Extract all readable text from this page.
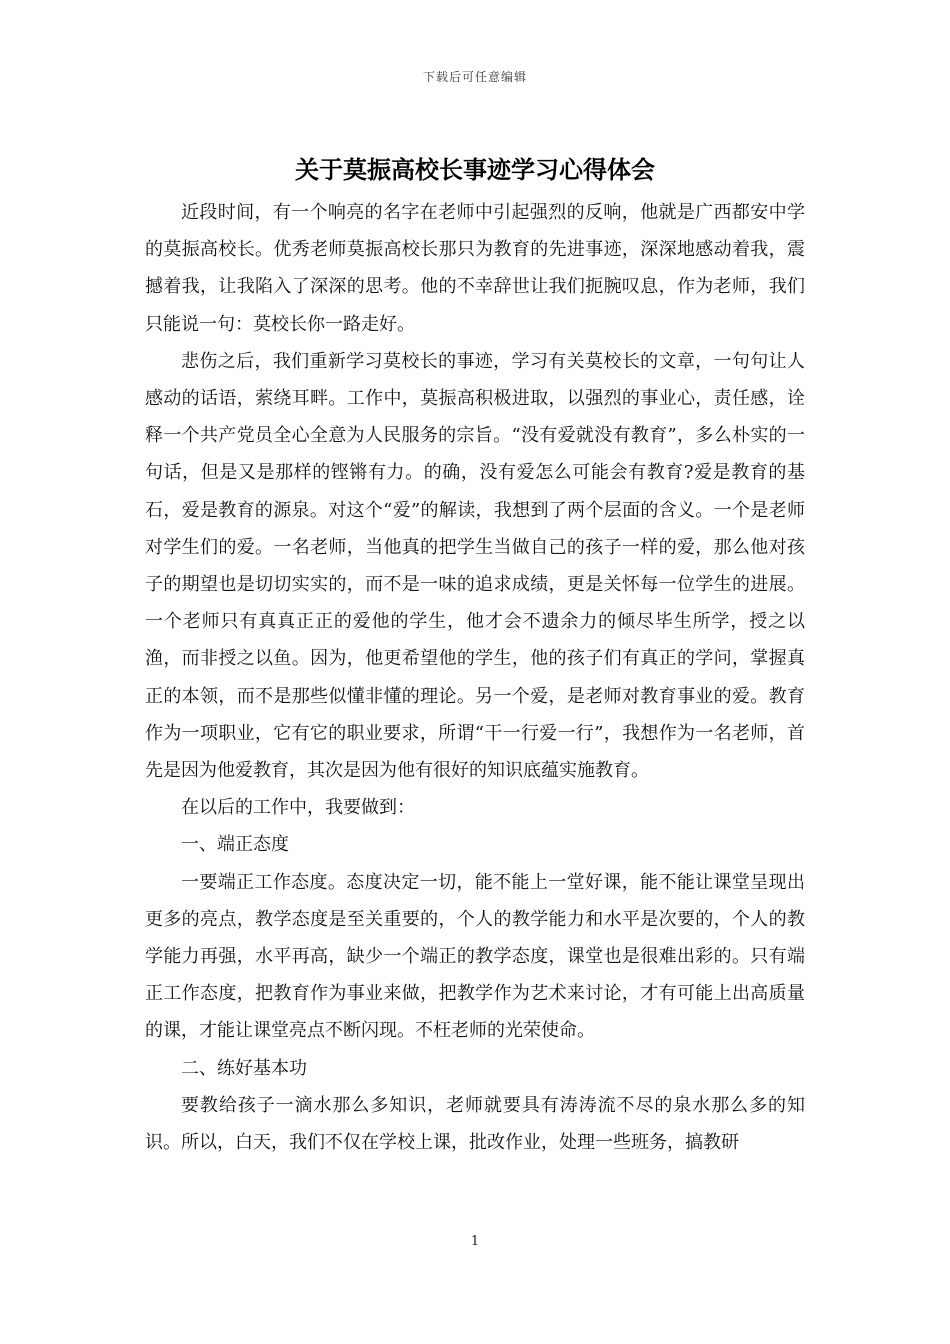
下载后可任意编辑
关于莫振高校长事迹学习心得体会

近段时间，有一个响亮的名字在老师中引起强烈的反响，他就是广西都安中学的莫振高校长。优秀老师莫振高校长那只为教育的先进事迹，深深地感动着我，震撼着我，让我陷入了深深的思考。他的不幸辞世让我们扼腕叹息，作为老师，我们只能说一句：莫校长你一路走好。

悲伤之后，我们重新学习莫校长的事迹，学习有关莫校长的文章，一句句让人感动的话语，萦绕耳畔。工作中，莫振高积极进取，以强烈的事业心，责任感，诠释一个共产党员全心全意为人民服务的宗旨。“没有爱就没有教育”，多么朴实的一句话，但是又是那样的铿锵有力。的确，没有爱怎么可能会有教育?爱是教育的基石，爱是教育的源泉。对这个“爱”的解读，我想到了两个层面的含义。一个是老师对学生们的爱。一名老师，当他真的把学生当做自己的孩子一样的爱，那么他对孩子的期望也是切切实实的，而不是一味的追求成绩，更是关怀每一位学生的进展。一个老师只有真真正正的爱他的学生，他才会不遗余力的倾尽毕生所学，授之以渔，而非授之以鱼。因为，他更希望他的学生，他的孩子们有真正的学问，掌握真正的本领，而不是那些似懂非懂的理论。另一个爱，是老师对教育事业的爱。教育作为一项职业，它有它的职业要求，所谓“干一行爱一行”，我想作为一名老师，首先是因为他爱教育，其次是因为他有很好的知识底蕴实施教育。

在以后的工作中，我要做到：

一、端正态度

一要端正工作态度。态度决定一切，能不能上一堂好课，能不能让课堂呈现出更多的亮点，教学态度是至关重要的，个人的教学能力和水平是次要的，个人的教学能力再强，水平再高，缺少一个端正的教学态度，课堂也是很难出彩的。只有端正工作态度，把教育作为事业来做，把教学作为艺术来讨论，才有可能上出高质量的课，才能让课堂亮点不断闪现。不枉老师的光荣使命。

二、练好基本功

要教给孩子一滴水那么多知识，老师就要具有涛涛流不尽的泉水那么多的知识。所以，白天，我们不仅在学校上课，批改作业，处理一些班务，搞教研

1
